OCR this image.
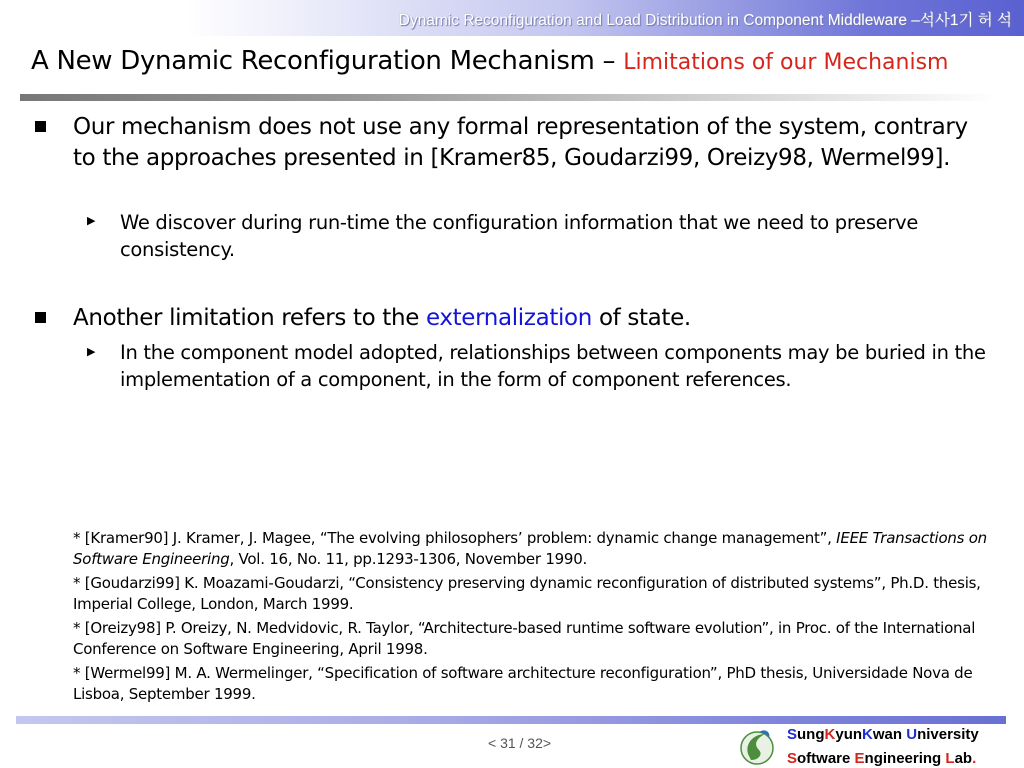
Dynamic Reconfiguration and Load Distribution in Component Middleware –석사1기 허 석
A New Dynamic Reconfiguration Mechanism – Limitations of our Mechanism
Our mechanism does not use any formal representation of the system, contrary to the approaches presented in [Kramer85, Goudarzi99, Oreizy98, Wermel99].
▶ We discover during run-time the configuration information that we need to preserve consistency.
Another limitation refers to the externalization of state.
▶ In the component model adopted, relationships between components may be buried in the implementation of a component, in the form of component references.

* [Kramer90] J. Kramer, J. Magee, “The evolving philosophers’ problem: dynamic change management”, IEEE Transactions on Software Engineering, Vol. 16, No. 11, pp.1293-1306, November 1990.

* [Goudarzi99] K. Moazami-Goudarzi, “Consistency preserving dynamic reconfiguration of distributed systems”, Ph.D. thesis, Imperial College, London, March 1999.

* [Oreizy98] P. Oreizy, N. Medvidovic, R. Taylor, “Architecture-based runtime software evolution”, in Proc. of the International Conference on Software Engineering, April 1998.

* [Wermel99] M. A. Wermelinger, “Specification of software architecture reconfiguration”, PhD thesis, Universidade Nova de Lisboa, September 1999.

< 31 / 32>	SungKyunKwan University
Software Engineering Lab.
